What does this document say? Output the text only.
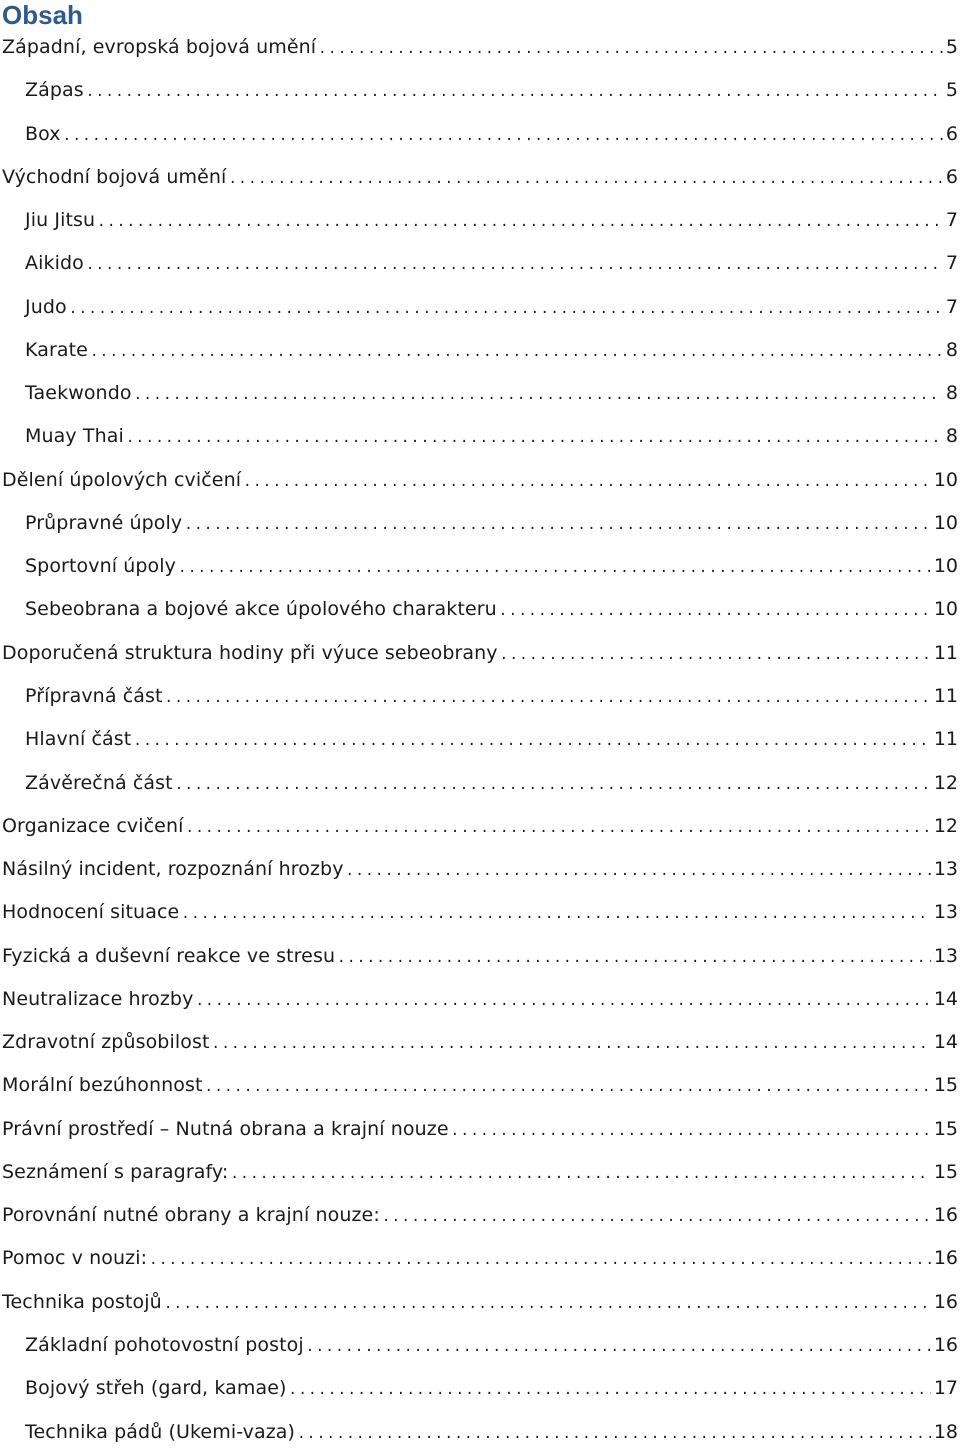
Obsah
Západní, evropská bojová umění .....	5
Zápas .....	5
Box .....	6
Východní bojová umění .....	6
Jiu Jitsu .....	7
Aikido .....	7
Judo .....	7
Karate .....	8
Taekwondo .....	8
Muay Thai .....	8
Dělení úpolových cvičení .....	10
Průpravné úpoly .....	10
Sportovní úpoly .....	10
Sebeobrana a bojové akce úpolového charakteru .....	10
Doporučená struktura hodiny při výuce sebeobrany .....	11
Přípravná část .....	11
Hlavní část .....	11
Závěrečná část .....	12
Organizace cvičení .....	12
Násilný incident, rozpoznání hrozby .....	13
Hodnocení situace .....	13
Fyzická a duševní reakce ve stresu .....	13
Neutralizace hrozby .....	14
Zdravotní způsobilost .....	14
Morální bezúhonnost .....	15
Právní prostředí – Nutná obrana a krajní nouze .....	15
Seznámení s paragrafy: .....	15
Porovnání nutné obrany a krajní nouze: .....	16
Pomoc v nouzi: .....	16
Technika postojů .....	16
Základní pohotovostní postoj .....	16
Bojový střeh (gard, kamae) .....	17
Technika pádů (Ukemi-vaza) .....	18
